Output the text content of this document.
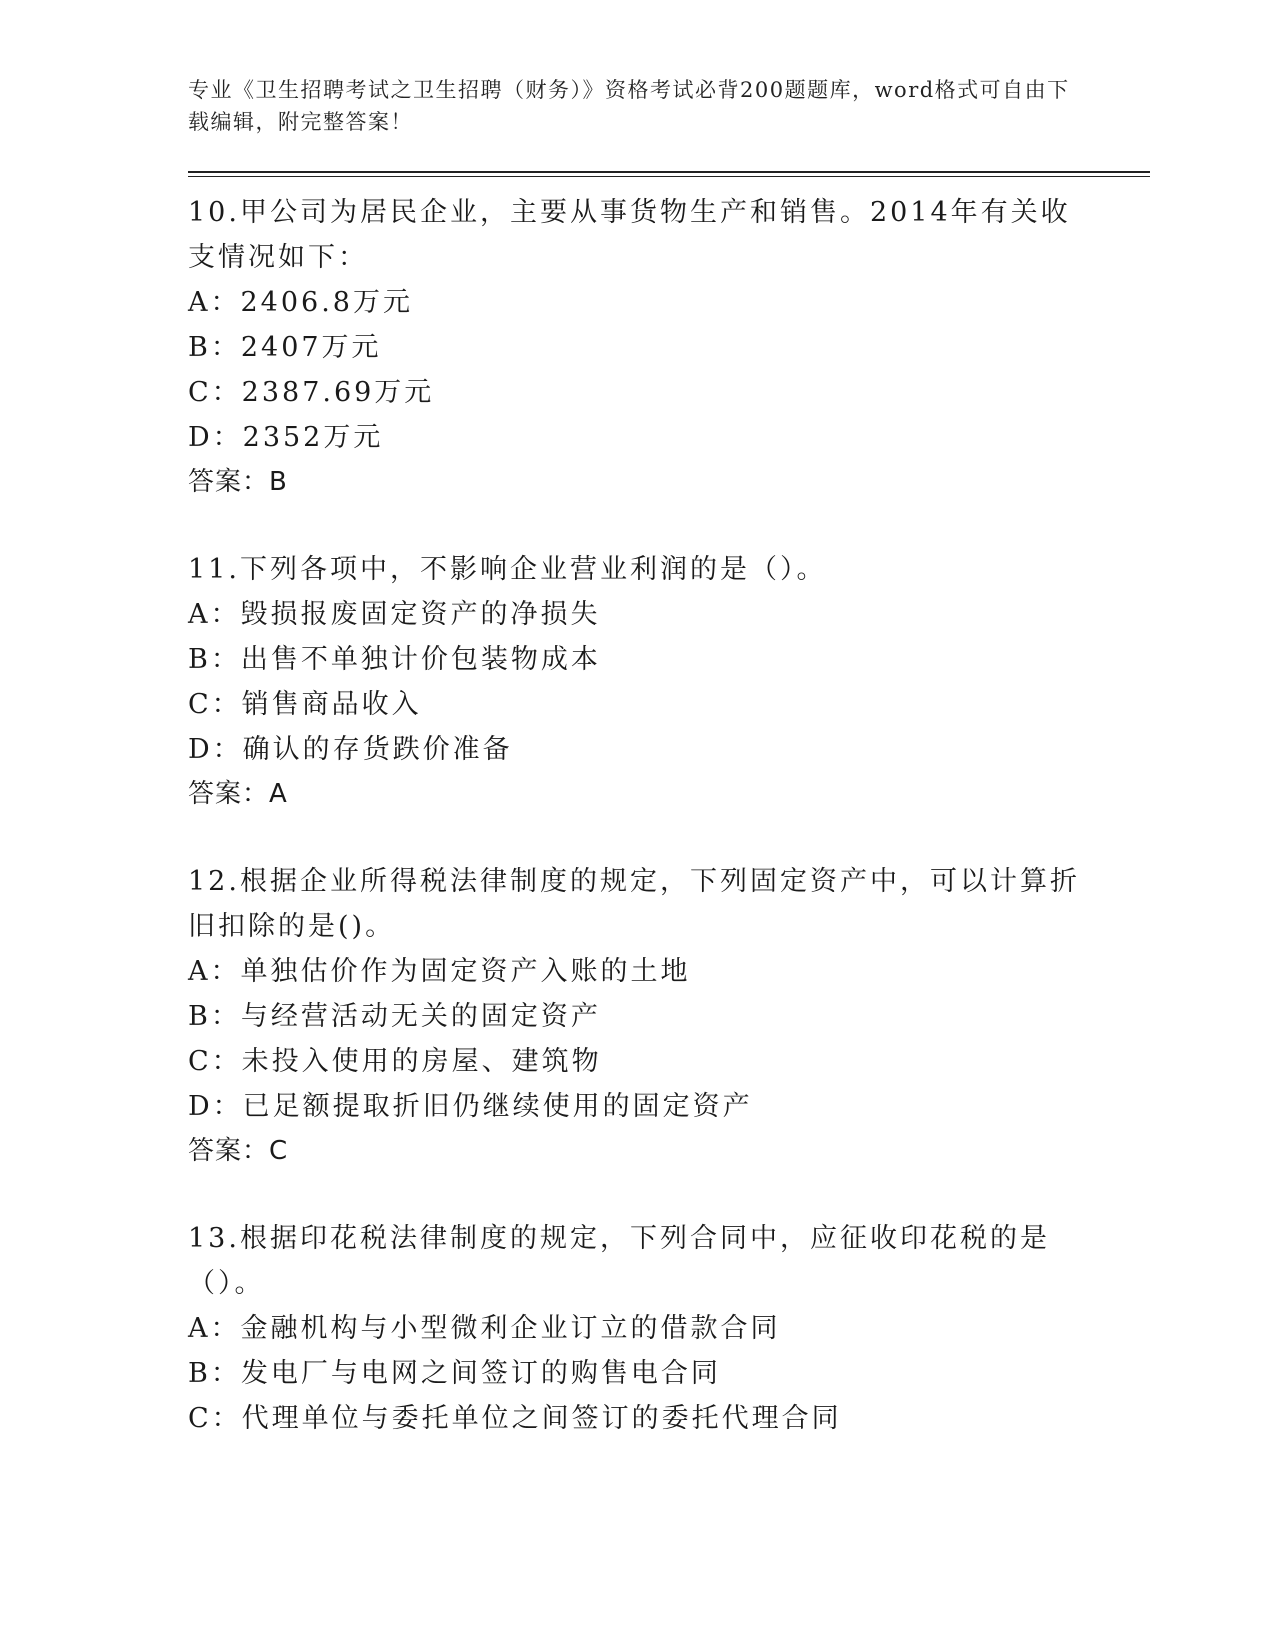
专业《卫生招聘考试之卫生招聘（财务）》资格考试必背200题题库，word格式可自由下载编辑，附完整答案！

10.甲公司为居民企业，主要从事货物生产和销售。2014年有关收支情况如下：

A：2406.8万元

B：2407万元

C：2387.69万元

D：2352万元

答案：B

11.下列各项中，不影响企业营业利润的是（）。

A：毁损报废固定资产的净损失

B：出售不单独计价包装物成本

C：销售商品收入

D：确认的存货跌价准备

答案：A

12.根据企业所得税法律制度的规定，下列固定资产中，可以计算折旧扣除的是()。

A：单独估价作为固定资产入账的土地

B：与经营活动无关的固定资产

C：未投入使用的房屋、建筑物

D：已足额提取折旧仍继续使用的固定资产

答案：C

13.根据印花税法律制度的规定，下列合同中，应征收印花税的是（）。

A：金融机构与小型微利企业订立的借款合同

B：发电厂与电网之间签订的购售电合同

C：代理单位与委托单位之间签订的委托代理合同
